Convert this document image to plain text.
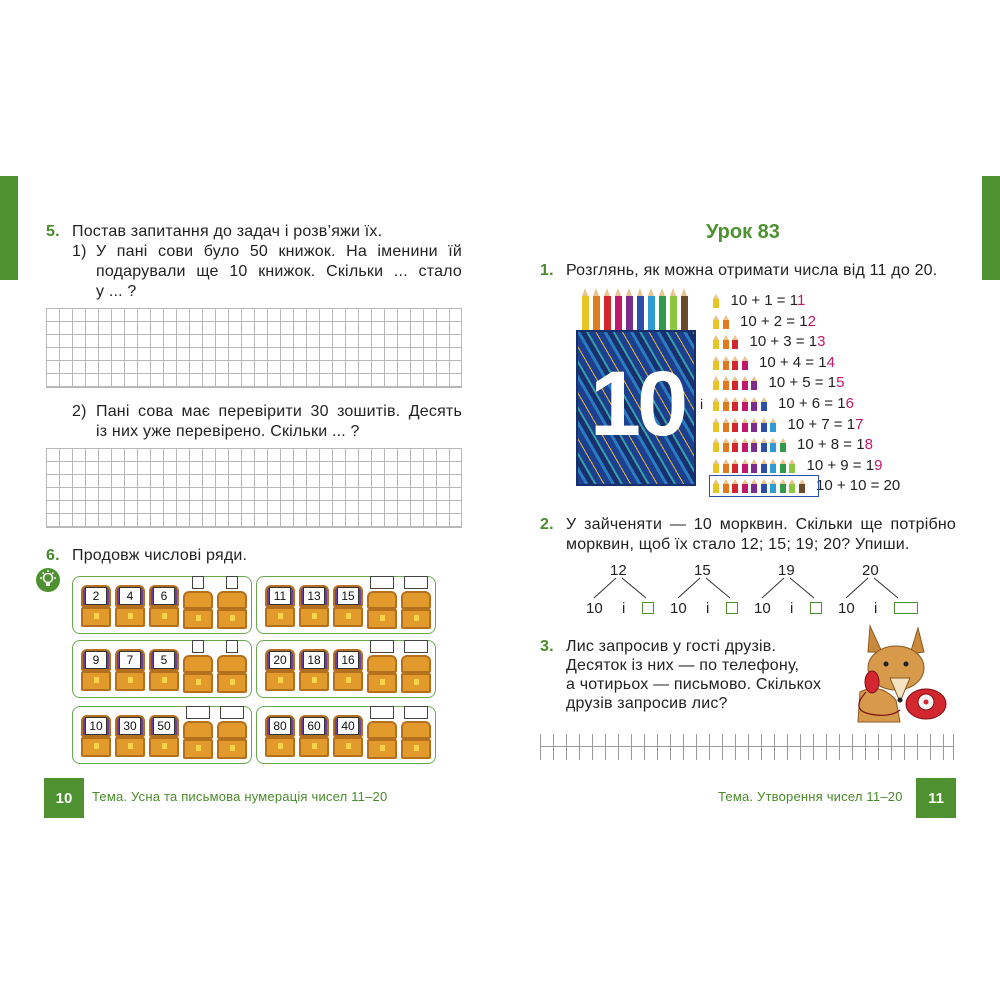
5. Постав запитання до задач і розв’яжи їх.
1) У пані сови було 50 книжок. На іменини їй
подарували ще 10 книжок. Скільки ... стало
у ... ?
2) Пані сова має перевірити 30 зошитів. Десять
із них уже перевірено. Скільки ... ?
6. Продовж числові ряди.
2	4	6	11	13	15
9	7	5	20	18	16
10	30	50	80	60	40
10	Тема. Усна та письмова нумерація чисел 11–20
Урок 83
1. Розглянь, як можна отримати числа від 11 до 20.
10	і
10 + 1 = 11
10 + 2 = 12
10 + 3 = 13
10 + 4 = 14
10 + 5 = 15
10 + 6 = 16
10 + 7 = 17
10 + 8 = 18
10 + 9 = 19
10 + 10 = 20
2. У зайченяти — 10 морквин. Скільки ще потрібно
морквин, щоб їх стало 12; 15; 19; 20? Упиши.
12
10 і
15
10 і
19
10 і
20
10 і
3. Лис запросив у гості друзів.
Десяток із них — по телефону,
а чотирьох — письмово. Скількох
друзів запросив лис?
Тема. Утворення чисел 11–20	11
